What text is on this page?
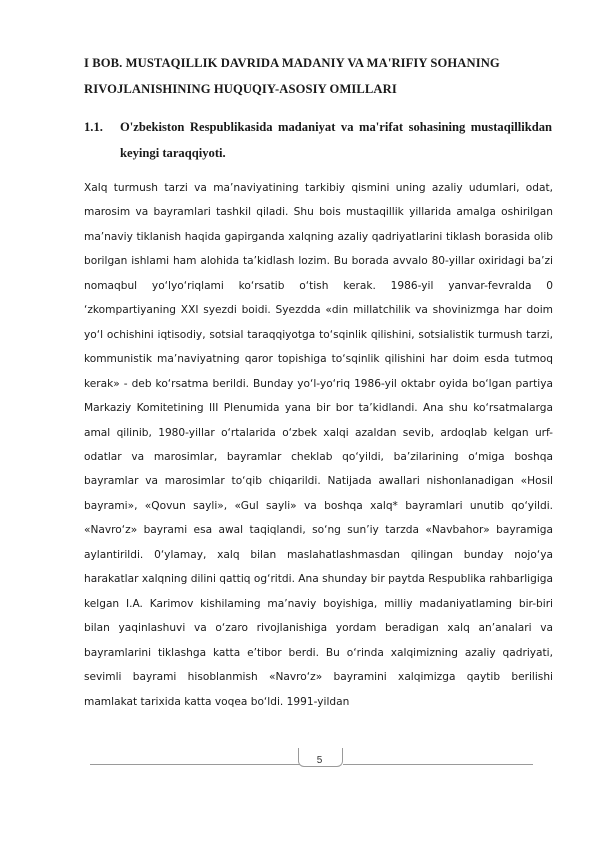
I BOB. MUSTAQILLIK DAVRIDA MADANIY VA MA'RIFIY SOHANING RIVOJLANISHINING HUQUQIY-ASOSIY OMILLARI
1.1. O'zbekiston Respublikasida madaniyat va ma'rifat sohasining mustaqillikdan keyingi taraqqiyoti.

Xalq turmush tarzi va ma’naviyatining tarkibiy qismini uning azaliy udumlari, odat, marosim va bayramlari tashkil qiladi. Shu bois mustaqillik yillarida amalga oshirilgan ma’naviy tiklanish haqida gapirganda xalqning azaliy qadriyatlarini tiklash borasida olib borilgan ishlami ham alohida ta’kidlash lozim. Bu borada avvalo 80-yillar oxiridagi ba’zi nomaqbul yo‘lyo‘riqlami ko‘rsatib o‘tish kerak. 1986-yil yanvar-fevralda 0 ‘zkompartiyaning XXI syezdi boidi. Syezdda «din millatchilik va shovinizmga har doim yo‘l ochishini iqtisodiy, sotsial taraqqiyotga to‘sqinlik qilishini, sotsialistik turmush tarzi, kommunistik ma’naviyatning qaror topishiga to‘sqinlik qilishini har doim esda tutmoq kerak» - deb ko‘rsatma berildi. Bunday yo‘l-yo‘riq 1986-yil oktabr oyida bo‘lgan partiya Markaziy Komitetining III Plenumida yana bir bor ta’kidlandi. Ana shu ko‘rsatmalarga amal qilinib, 1980-yillar o‘rtalarida o‘zbek xalqi azaldan sevib, ardoqlab kelgan urf-odatlar va marosimlar, bayramlar cheklab qo‘yildi, ba’zilarining o‘miga boshqa bayramlar va marosimlar to‘qib chiqarildi. Natijada awallari nishonlanadigan «Hosil bayrami», «Qovun sayli», «Gul sayli» va boshqa xalq* bayramlari unutib qo‘yildi. «Navro‘z» bayrami esa awal taqiqlandi, so‘ng sun’iy tarzda «Navbahor» bayramiga aylantirildi. 0‘ylamay, xalq bilan maslahatlashmasdan qilingan bunday nojo‘ya harakatlar xalqning dilini qattiq og‘ritdi. Ana shunday bir paytda Respublika rahbarligiga kelgan I.A. Karimov kishilaming ma’naviy boyishiga, milliy madaniyatlaming bir-biri bilan yaqinlashuvi va o‘zaro rivojlanishiga yordam beradigan xalq an’analari va bayramlarini tiklashga katta e’tibor berdi. Bu o‘rinda xalqimizning azaliy qadriyati, sevimli bayrami hisoblanmish «Navro‘z» bayramini xalqimizga qaytib berilishi mamlakat tarixida katta voqea bo‘ldi. 1991-yildan

5
